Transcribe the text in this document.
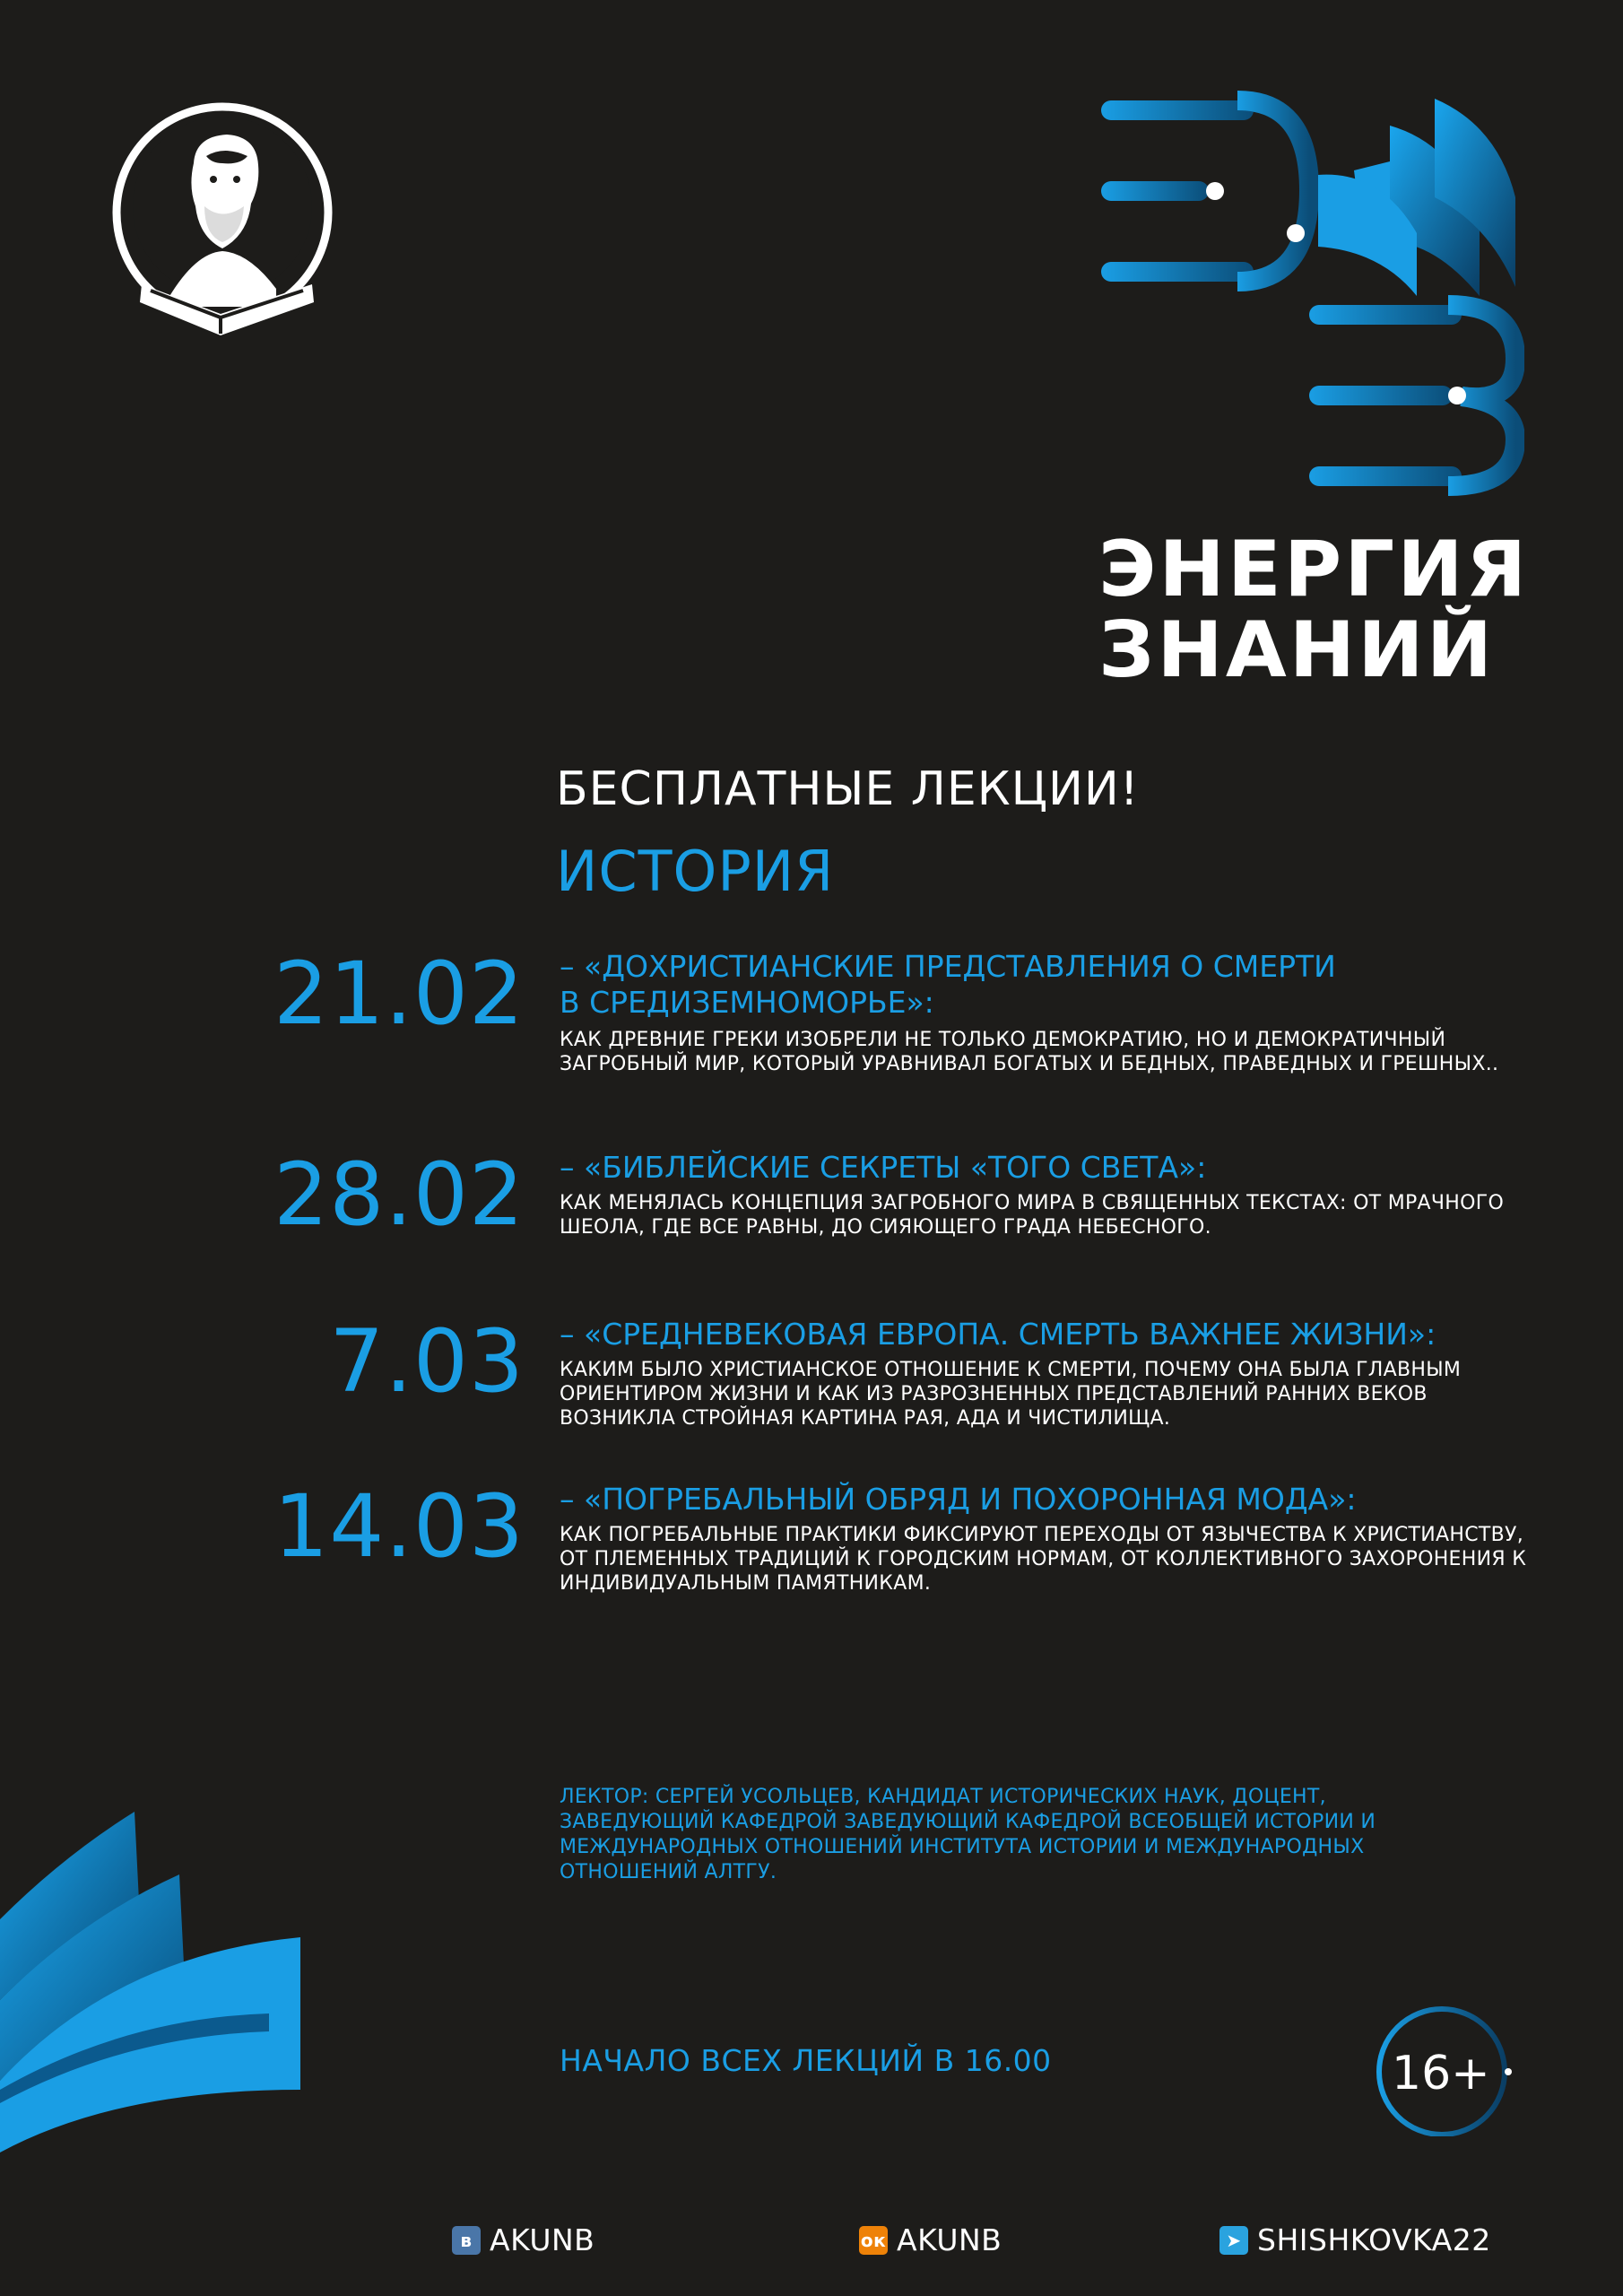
ЭНЕРГИЯ
ЗНАНИЙ
БЕСПЛАТНЫЕ ЛЕКЦИИ!
ИСТОРИЯ
21.02 – «ДОХРИСТИАНСКИЕ ПРЕДСТАВЛЕНИЯ О СМЕРТИ
В СРЕДИЗЕМНОМОРЬЕ»:
КАК ДРЕВНИЕ ГРЕКИ ИЗОБРЕЛИ НЕ ТОЛЬКО ДЕМОКРАТИЮ, НО И ДЕМОКРАТИЧНЫЙ ЗАГРОБНЫЙ МИР, КОТОРЫЙ УРАВНИВАЛ БОГАТЫХ И БЕДНЫХ, ПРАВЕДНЫХ И ГРЕШНЫХ..
28.02 – «БИБЛЕЙСКИЕ СЕКРЕТЫ «ТОГО СВЕТА»:
КАК МЕНЯЛАСЬ КОНЦЕПЦИЯ ЗАГРОБНОГО МИРА В СВЯЩЕННЫХ ТЕКСТАХ: ОТ МРАЧНОГО ШЕОЛА, ГДЕ ВСЕ РАВНЫ, ДО СИЯЮЩЕГО ГРАДА НЕБЕСНОГО.
7.03 – «СРЕДНЕВЕКОВАЯ ЕВРОПА. СМЕРТЬ ВАЖНЕЕ ЖИЗНИ»:
КАКИМ БЫЛО ХРИСТИАНСКОЕ ОТНОШЕНИЕ К СМЕРТИ, ПОЧЕМУ ОНА БЫЛА ГЛАВНЫМ ОРИЕНТИРОМ ЖИЗНИ И КАК ИЗ РАЗРОЗНЕННЫХ ПРЕДСТАВЛЕНИЙ РАННИХ ВЕКОВ ВОЗНИКЛА СТРОЙНАЯ КАРТИНА РАЯ, АДА И ЧИСТИЛИЩА.
14.03 – «ПОГРЕБАЛЬНЫЙ ОБРЯД И ПОХОРОННАЯ МОДА»:
КАК ПОГРЕБАЛЬНЫЕ ПРАКТИКИ ФИКСИРУЮТ ПЕРЕХОДЫ ОТ ЯЗЫЧЕСТВА К ХРИСТИАНСТВУ, ОТ ПЛЕМЕННЫХ ТРАДИЦИЙ К ГОРОДСКИМ НОРМАМ, ОТ КОЛЛЕКТИВНОГО ЗАХОРОНЕНИЯ К ИНДИВИДУАЛЬНЫМ ПАМЯТНИКАМ.
ЛЕКТОР: СЕРГЕЙ УСОЛЬЦЕВ, КАНДИДАТ ИСТОРИЧЕСКИХ НАУК, ДОЦЕНТ, ЗАВЕДУЮЩИЙ КАФЕДРОЙ ЗАВЕДУЮЩИЙ КАФЕДРОЙ ВСЕОБЩЕЙ ИСТОРИИ И МЕЖДУНАРОДНЫХ ОТНОШЕНИЙ ИНСТИТУТА ИСТОРИИ И МЕЖДУНАРОДНЫХ ОТНОШЕНИЙ АЛТГУ.
НАЧАЛО ВСЕХ ЛЕКЦИЙ В 16.00	16+
в AKUNB	ок AKUNB	➤ SHISHKOVKA22
